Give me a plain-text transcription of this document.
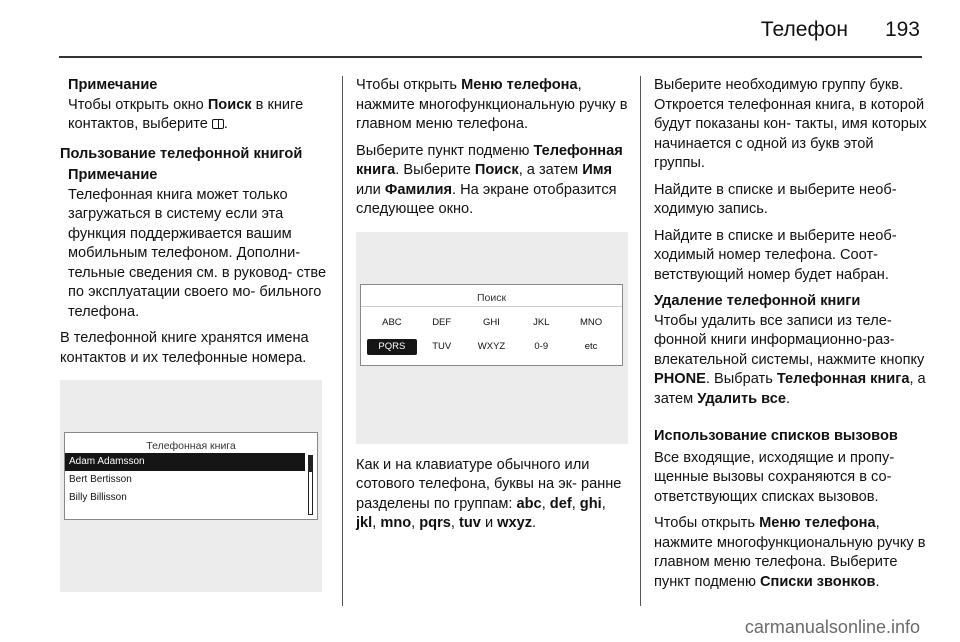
Телефон 193
Примечание

Чтобы открыть окно Поиск в книге контактов, выберите
.

Пользование телефонной книгой
Примечание

Телефонная книга может только загружаться в систему если эта функция поддерживается вашим мобильным телефоном. Дополни- тельные сведения см. в руковод- стве по эксплуатации своего мо- бильного телефона.

В телефонной книге хранятся имена контактов и их телефонные номера.

Телефонная книга
Adam Adamsson
Bert Bertisson
Billy Billisson

Чтобы открыть Меню телефона, нажмите многофункциональную ручку в главном меню телефона.

Выберите пункт подменю Телефонная книга. Выберите Поиск, а затем Имя или Фамилия. На экране отобразится следующее окно.

Поиск
ABC	DEF	GHI	JKL	MNO
PQRS	TUV	WXYZ	0-9	etc

Как и на клавиатуре обычного или сотового телефона, буквы на эк- ранне разделены по группам: abc, def, ghi, jkl, mno, pqrs, tuv и wxyz.

Выберите необходимую группу букв. Откроется телефонная книга, в которой будут показаны кон- такты, имя которых начинается с одной из букв этой группы.

Найдите в списке и выберите необ- ходимую запись.

Найдите в списке и выберите необ- ходимый номер телефона. Соот- ветствующий номер будет набран.

Удаление телефонной книги

Чтобы удалить все записи из теле- фонной книги информационно-раз- влекательной системы, нажмите кнопку PHONE. Выбрать Телефонная книга, а затем Удалить все.

Использование списков вызовов

Все входящие, исходящие и пропу- щенные вызовы сохраняются в со- ответствующих списках вызовов.

Чтобы открыть Меню телефона, нажмите многофункциональную ручку в главном меню телефона. Выберите пункт подменю Списки звонков.

carmanualsonline.info
